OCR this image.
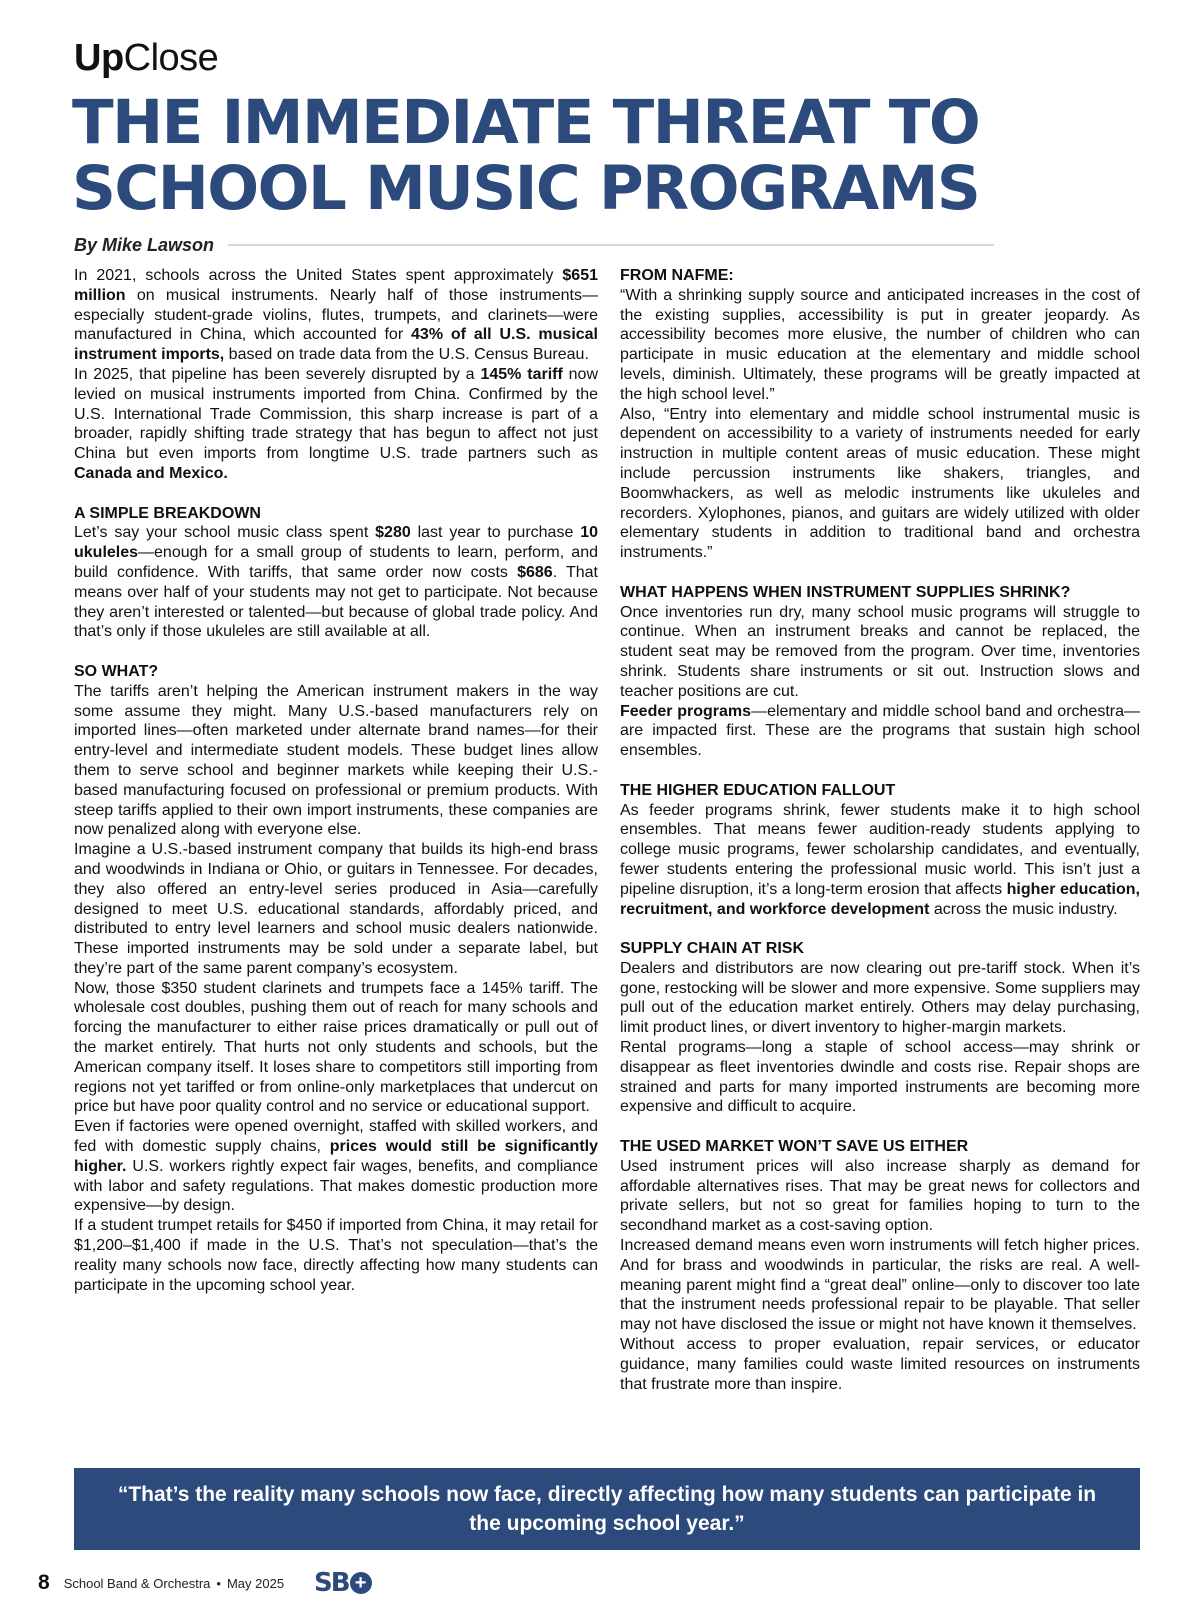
UpClose
THE IMMEDIATE THREAT TO
SCHOOL MUSIC PROGRAMS
By Mike Lawson

In 2021, schools across the United States spent approximately $651 million on musical instruments. Nearly half of those instruments—especially student-grade violins, flutes, trumpets, and clarinets—were manufactured in China, which accounted for 43% of all U.S. musical instrument imports, based on trade data from the U.S. Census Bureau.

In 2025, that pipeline has been severely disrupted by a 145% tariff now levied on musical instruments imported from China. Confirmed by the U.S. International Trade Commission, this sharp increase is part of a broader, rapidly shifting trade strategy that has begun to affect not just China but even imports from longtime U.S. trade partners such as Canada and Mexico.

A SIMPLE BREAKDOWN

Let’s say your school music class spent $280 last year to purchase 10 ukuleles—enough for a small group of students to learn, perform, and build confidence. With tariffs, that same order now costs $686. That means over half of your students may not get to participate. Not because they aren’t interested or talented—but because of global trade policy. And that’s only if those ukuleles are still available at all.

SO WHAT?

The tariffs aren’t helping the American instrument makers in the way some assume they might. Many U.S.-based manufacturers rely on imported lines—often marketed under alternate brand names—for their entry-level and intermediate student models. These budget lines allow them to serve school and beginner markets while keeping their U.S.-based manufacturing focused on professional or premium products. With steep tariffs applied to their own import instruments, these companies are now penalized along with everyone else.

Imagine a U.S.-based instrument company that builds its high-end brass and woodwinds in Indiana or Ohio, or guitars in Tennessee. For decades, they also offered an entry-level series produced in Asia—carefully designed to meet U.S. educational standards, affordably priced, and distributed to entry level learners and school music dealers nationwide. These imported instruments may be sold under a separate label, but they’re part of the same parent company’s ecosystem.

Now, those $350 student clarinets and trumpets face a 145% tariff. The wholesale cost doubles, pushing them out of reach for many schools and forcing the manufacturer to either raise prices dramatically or pull out of the market entirely. That hurts not only students and schools, but the American company itself. It loses share to competitors still importing from regions not yet tariffed or from online-only marketplaces that undercut on price but have poor quality control and no service or educational support.

Even if factories were opened overnight, staffed with skilled workers, and fed with domestic supply chains, prices would still be significantly higher. U.S. workers rightly expect fair wages, benefits, and compliance with labor and safety regulations. That makes domestic production more expensive—by design.

If a student trumpet retails for $450 if imported from China, it may retail for $1,200–$1,400 if made in the U.S. That’s not speculation—that’s the reality many schools now face, directly affecting how many students can participate in the upcoming school year.

FROM NAFME:

“With a shrinking supply source and anticipated increases in the cost of the existing supplies, accessibility is put in greater jeopardy. As accessibility becomes more elusive, the number of children who can participate in music education at the elementary and middle school levels, diminish. Ultimately, these programs will be greatly impacted at the high school level.”

Also, “Entry into elementary and middle school instrumental music is dependent on accessibility to a variety of instruments needed for early instruction in multiple content areas of music education. These might include percussion instruments like shakers, triangles, and Boomwhackers, as well as melodic instruments like ukuleles and recorders. Xylophones, pianos, and guitars are widely utilized with older elementary students in addition to traditional band and orchestra instruments.”

WHAT HAPPENS WHEN INSTRUMENT SUPPLIES SHRINK?

Once inventories run dry, many school music programs will struggle to continue. When an instrument breaks and cannot be replaced, the student seat may be removed from the program. Over time, inventories shrink. Students share instruments or sit out. Instruction slows and teacher positions are cut.

Feeder programs—elementary and middle school band and orchestra—are impacted first. These are the programs that sustain high school ensembles.

THE HIGHER EDUCATION FALLOUT

As feeder programs shrink, fewer students make it to high school ensembles. That means fewer audition-ready students applying to college music programs, fewer scholarship candidates, and eventually, fewer students entering the professional music world. This isn’t just a pipeline disruption, it’s a long-term erosion that affects higher education, recruitment, and workforce development across the music industry.

SUPPLY CHAIN AT RISK

Dealers and distributors are now clearing out pre-tariff stock. When it’s gone, restocking will be slower and more expensive. Some suppliers may pull out of the education market entirely. Others may delay purchasing, limit product lines, or divert inventory to higher-margin markets.

Rental programs—long a staple of school access—may shrink or disappear as fleet inventories dwindle and costs rise. Repair shops are strained and parts for many imported instruments are becoming more expensive and difficult to acquire.

THE USED MARKET WON’T SAVE US EITHER

Used instrument prices will also increase sharply as demand for affordable alternatives rises. That may be great news for collectors and private sellers, but not so great for families hoping to turn to the secondhand market as a cost-saving option.

Increased demand means even worn instruments will fetch higher prices. And for brass and woodwinds in particular, the risks are real. A well-meaning parent might find a “great deal” online—only to discover too late that the instrument needs professional repair to be playable. That seller may not have disclosed the issue or might not have known it themselves.

Without access to proper evaluation, repair services, or educator guidance, many families could waste limited resources on instruments that frustrate more than inspire.

“That’s the reality many schools now face, directly affecting how many students can participate in the upcoming school year.”
8 School Band & Orchestra • May 2025 SB +
